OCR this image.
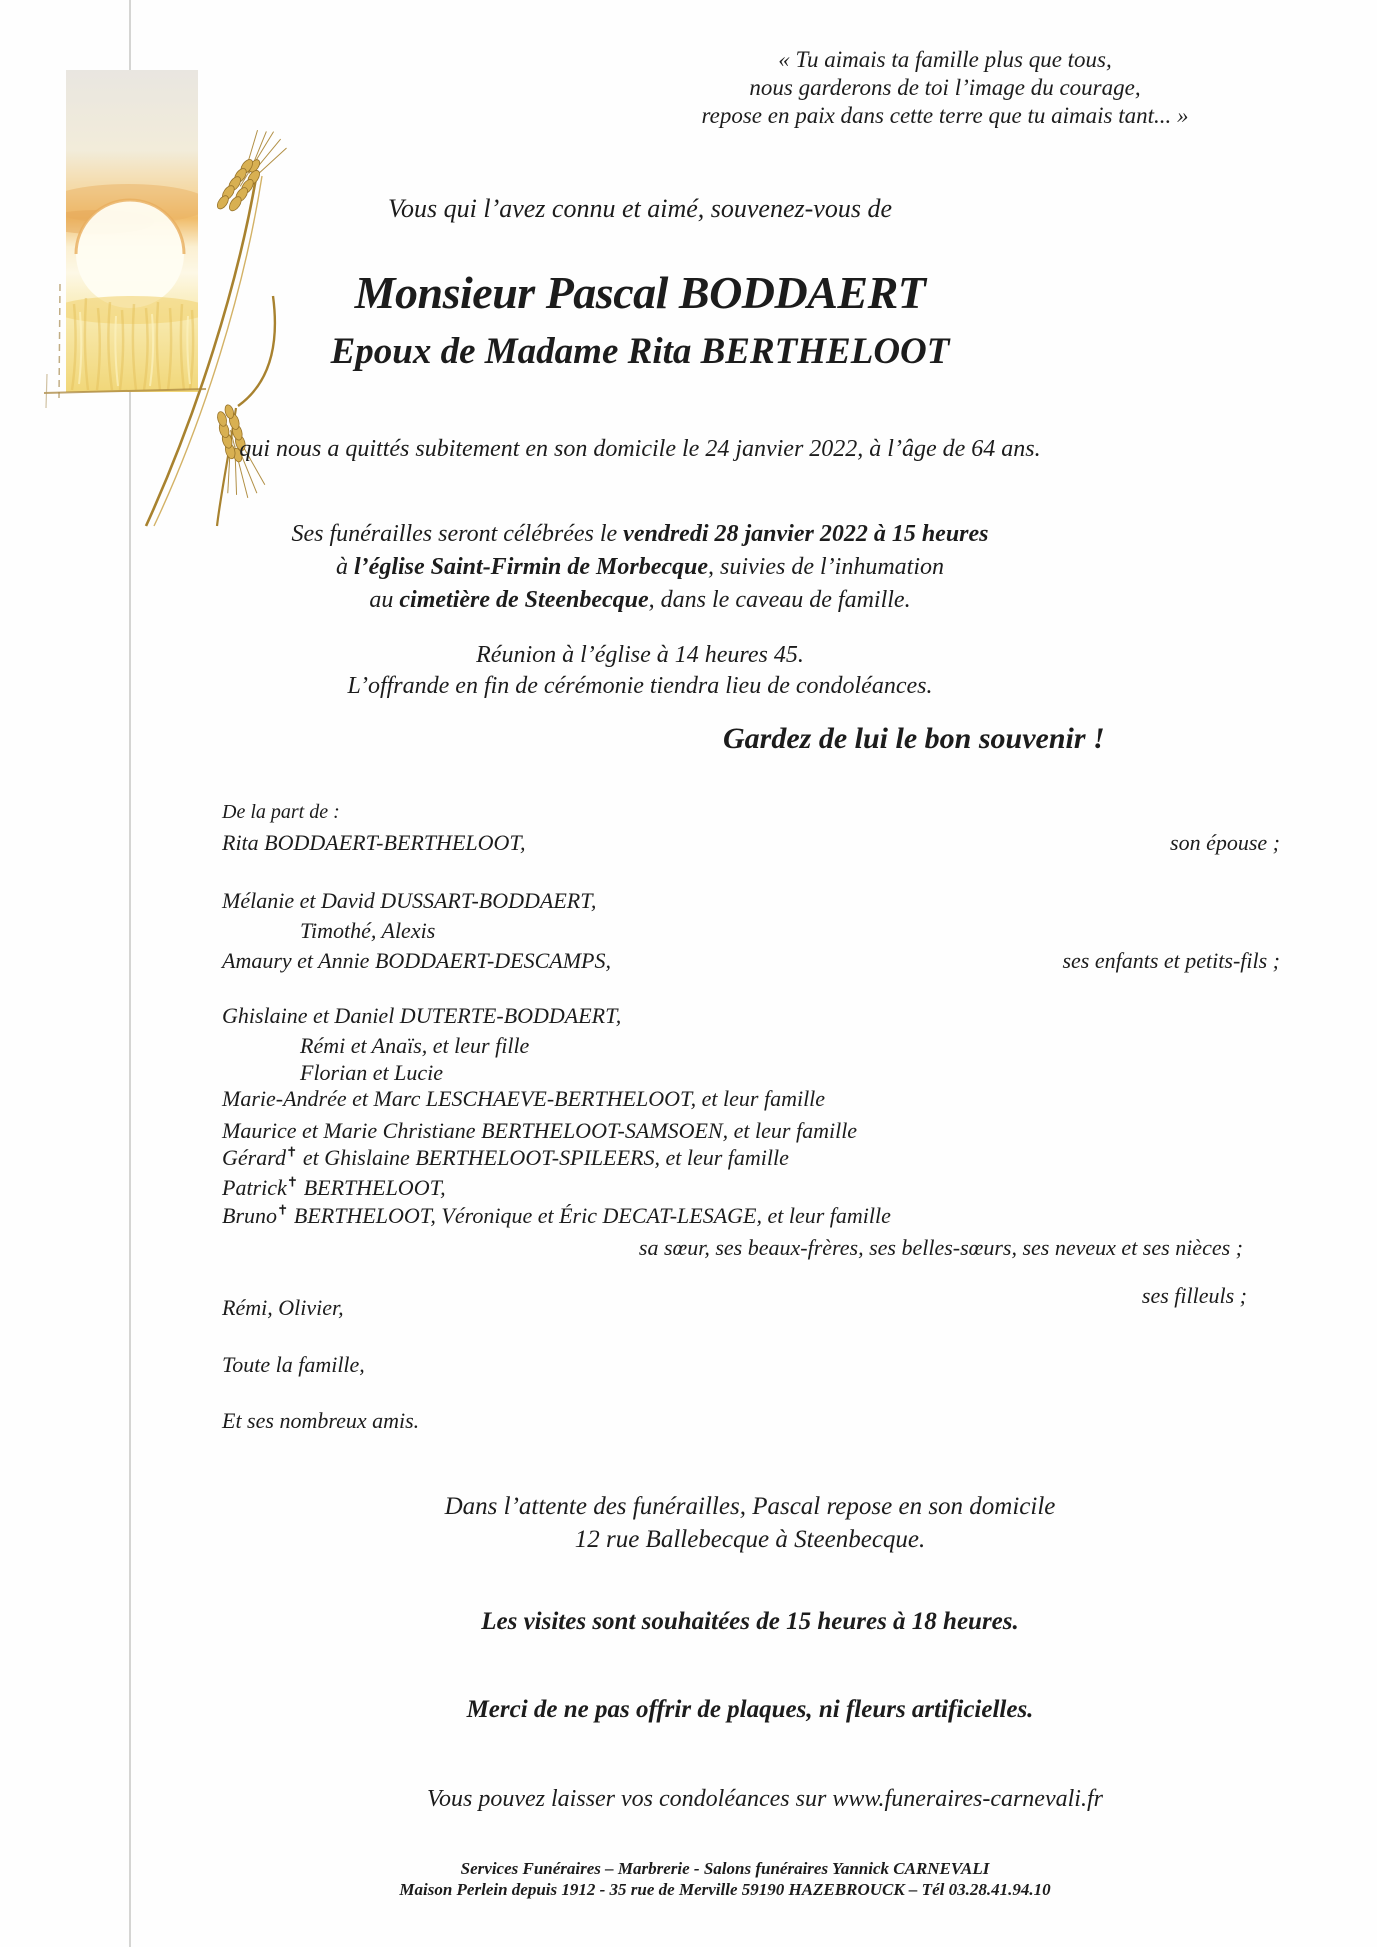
« Tu aimais ta famille plus que tous,
nous garderons de toi l’image du courage,
repose en paix dans cette terre que tu aimais tant... »
Vous qui l’avez connu et aimé, souvenez-vous de
Monsieur Pascal BODDAERT
Epoux de Madame Rita BERTHELOOT
qui nous a quittés subitement en son domicile le 24 janvier 2022, à l’âge de 64 ans.
Ses funérailles seront célébrées le vendredi 28 janvier 2022 à 15 heures
à l’église Saint-Firmin de Morbecque, suivies de l’inhumation
au cimetière de Steenbecque, dans le caveau de famille.
Réunion à l’église à 14 heures 45.
L’offrande en fin de cérémonie tiendra lieu de condoléances.
Gardez de lui le bon souvenir !
De la part de :
Rita BODDAERT-BERTHELOOT,	son épouse ;
Mélanie et David DUSSART-BODDAERT,
Timothé, Alexis
Amaury et Annie BODDAERT-DESCAMPS,	ses enfants et petits-fils ;
Ghislaine et Daniel DUTERTE-BODDAERT,
Rémi et Anaïs, et leur fille
Florian et Lucie
Marie-Andrée et Marc LESCHAEVE-BERTHELOOT, et leur famille
Maurice et Marie Christiane BERTHELOOT-SAMSOEN, et leur famille
Gérard✝ et Ghislaine BERTHELOOT-SPILEERS, et leur famille
Patrick✝ BERTHELOOT,
Bruno✝ BERTHELOOT, Véronique et Éric DECAT-LESAGE, et leur famille
sa sœur, ses beaux-frères, ses belles-sœurs, ses neveux et ses nièces ;
Rémi, Olivier,	ses filleuls ;
Toute la famille,
Et ses nombreux amis.
Dans l’attente des funérailles, Pascal repose en son domicile
12 rue Ballebecque à Steenbecque.
Les visites sont souhaitées de 15 heures à 18 heures.
Merci de ne pas offrir de plaques, ni fleurs artificielles.
Vous pouvez laisser vos condoléances sur www.funeraires-carnevali.fr
Services Funéraires – Marbrerie - Salons funéraires Yannick CARNEVALI
Maison Perlein depuis 1912 - 35 rue de Merville 59190 HAZEBROUCK – Tél 03.28.41.94.10
